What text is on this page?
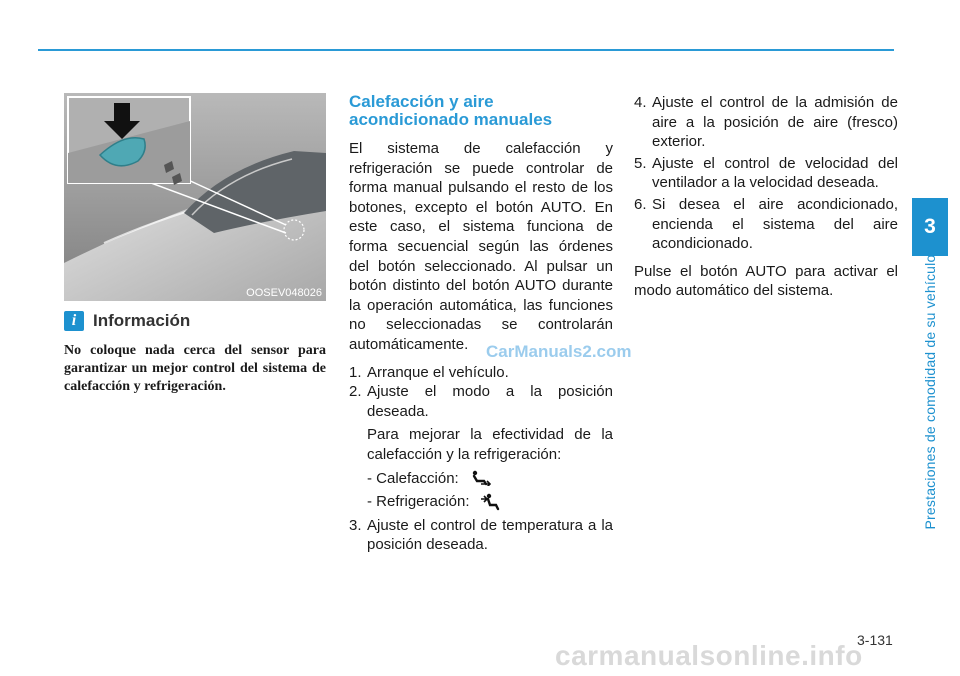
3
Prestaciones de comodidad de su vehículo
OOSEV048026
i Información
No coloque nada cerca del sensor para garantizar un mejor control del sistema de calefacción y refrigeración.
Calefacción y aire
acondicionado manuales

El sistema de calefacción y refrigeración se puede controlar de forma manual pulsando el resto de los botones, excepto el botón AUTO. En este caso, el sistema funciona de forma secuencial según las órdenes del botón seleccionado. Al pulsar un botón distinto del botón AUTO durante la operación automática, las funciones no seleccionadas se controlarán automáticamente.

1. Arranque el vehículo.
2. Ajuste el modo a la posición deseada.
Para mejorar la efectividad de la calefacción y la refrigeración:
- Calefacción:
- Refrigeración:
3. Ajuste el control de temperatura a la posición deseada.
4. Ajuste el control de la admisión de aire a la posición de aire (fresco) exterior.
5. Ajuste el control de velocidad del ventilador a la velocidad deseada.
6. Si desea el aire acondicionado, encienda el sistema del aire acondicionado.

Pulse el botón AUTO para activar el modo automático del sistema.

CarManuals2.com
3-131
carmanualsonline.info
